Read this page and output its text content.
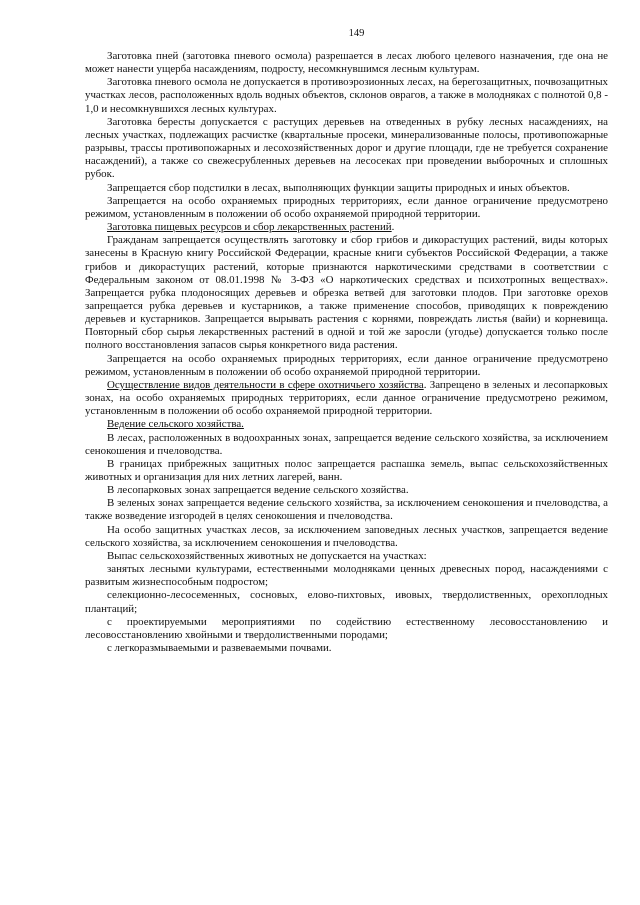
149

Заготовка пней (заготовка пневого осмола) разрешается в лесах любого целевого назначения, где она не может нанести ущерба насаждениям, подросту, несомкнувшимся лесным культурам.

Заготовка пневого осмола не допускается в противоэрозионных лесах, на берегозащитных, почвозащитных участках лесов, расположенных вдоль водных объектов, склонов оврагов, а также в молодняках с полнотой 0,8 - 1,0 и несомкнувшихся лесных культурах.

Заготовка бересты допускается с растущих деревьев на отведенных в рубку лесных насаждениях, на лесных участках, подлежащих расчистке (квартальные просеки, минерализованные полосы, противопожарные разрывы, трассы противопожарных и лесохозяйственных дорог и другие площади, где не требуется сохранение насаждений), а также со свежесрубленных деревьев на лесосеках при проведении выборочных и сплошных рубок.

Запрещается сбор подстилки в лесах, выполняющих функции защиты природных и иных объектов.

Запрещается на особо охраняемых природных территориях, если данное ограничение предусмотрено режимом, установленным в положении об особо охраняемой природной территории.

Заготовка пищевых ресурсов и сбор лекарственных растений.

Гражданам запрещается осуществлять заготовку и сбор грибов и дикорастущих растений, виды которых занесены в Красную книгу Российской Федерации, красные книги субъектов Российской Федерации, а также грибов и дикорастущих растений, которые признаются наркотическими средствами в соответствии с Федеральным законом от 08.01.1998 № 3-ФЗ «О наркотических средствах и психотропных веществах». Запрещается рубка плодоносящих деревьев и обрезка ветвей для заготовки плодов. При заготовке орехов запрещается рубка деревьев и кустарников, а также применение способов, приводящих к повреждению деревьев и кустарников. Запрещается вырывать растения с корнями, повреждать листья (вайи) и корневища. Повторный сбор сырья лекарственных растений в одной и той же заросли (угодье) допускается только после полного восстановления запасов сырья конкретного вида растения.

Запрещается на особо охраняемых природных территориях, если данное ограничение предусмотрено режимом, установленным в положении об особо охраняемой природной территории.

Осуществление видов деятельности в сфере охотничьего хозяйства. Запрещено в зеленых и лесопарковых зонах, на особо охраняемых природных территориях, если данное ограничение предусмотрено режимом, установленным в положении об особо охраняемой природной территории.

Ведение сельского хозяйства.

В лесах, расположенных в водоохранных зонах, запрещается ведение сельского хозяйства, за исключением сенокошения и пчеловодства.

В границах прибрежных защитных полос запрещается распашка земель, выпас сельскохозяйственных животных и организация для них летних лагерей, ванн.

В лесопарковых зонах запрещается ведение сельского хозяйства.

В зеленых зонах запрещается ведение сельского хозяйства, за исключением сенокошения и пчеловодства, а также возведение изгородей в целях сенокошения и пчеловодства.

На особо защитных участках лесов, за исключением заповедных лесных участков, запрещается ведение сельского хозяйства, за исключением сенокошения и пчеловодства.

Выпас сельскохозяйственных животных не допускается на участках:

занятых лесными культурами, естественными молодняками ценных древесных пород, насаждениями с развитым жизнеспособным подростом;

селекционно-лесосеменных, сосновых, елово-пихтовых, ивовых, твердолиственных, орехоплодных плантаций;

с проектируемыми мероприятиями по содействию естественному лесовосстановлению и лесовосстановлению хвойными и твердолиственными породами;

с легкоразмываемыми и развеваемыми почвами.
